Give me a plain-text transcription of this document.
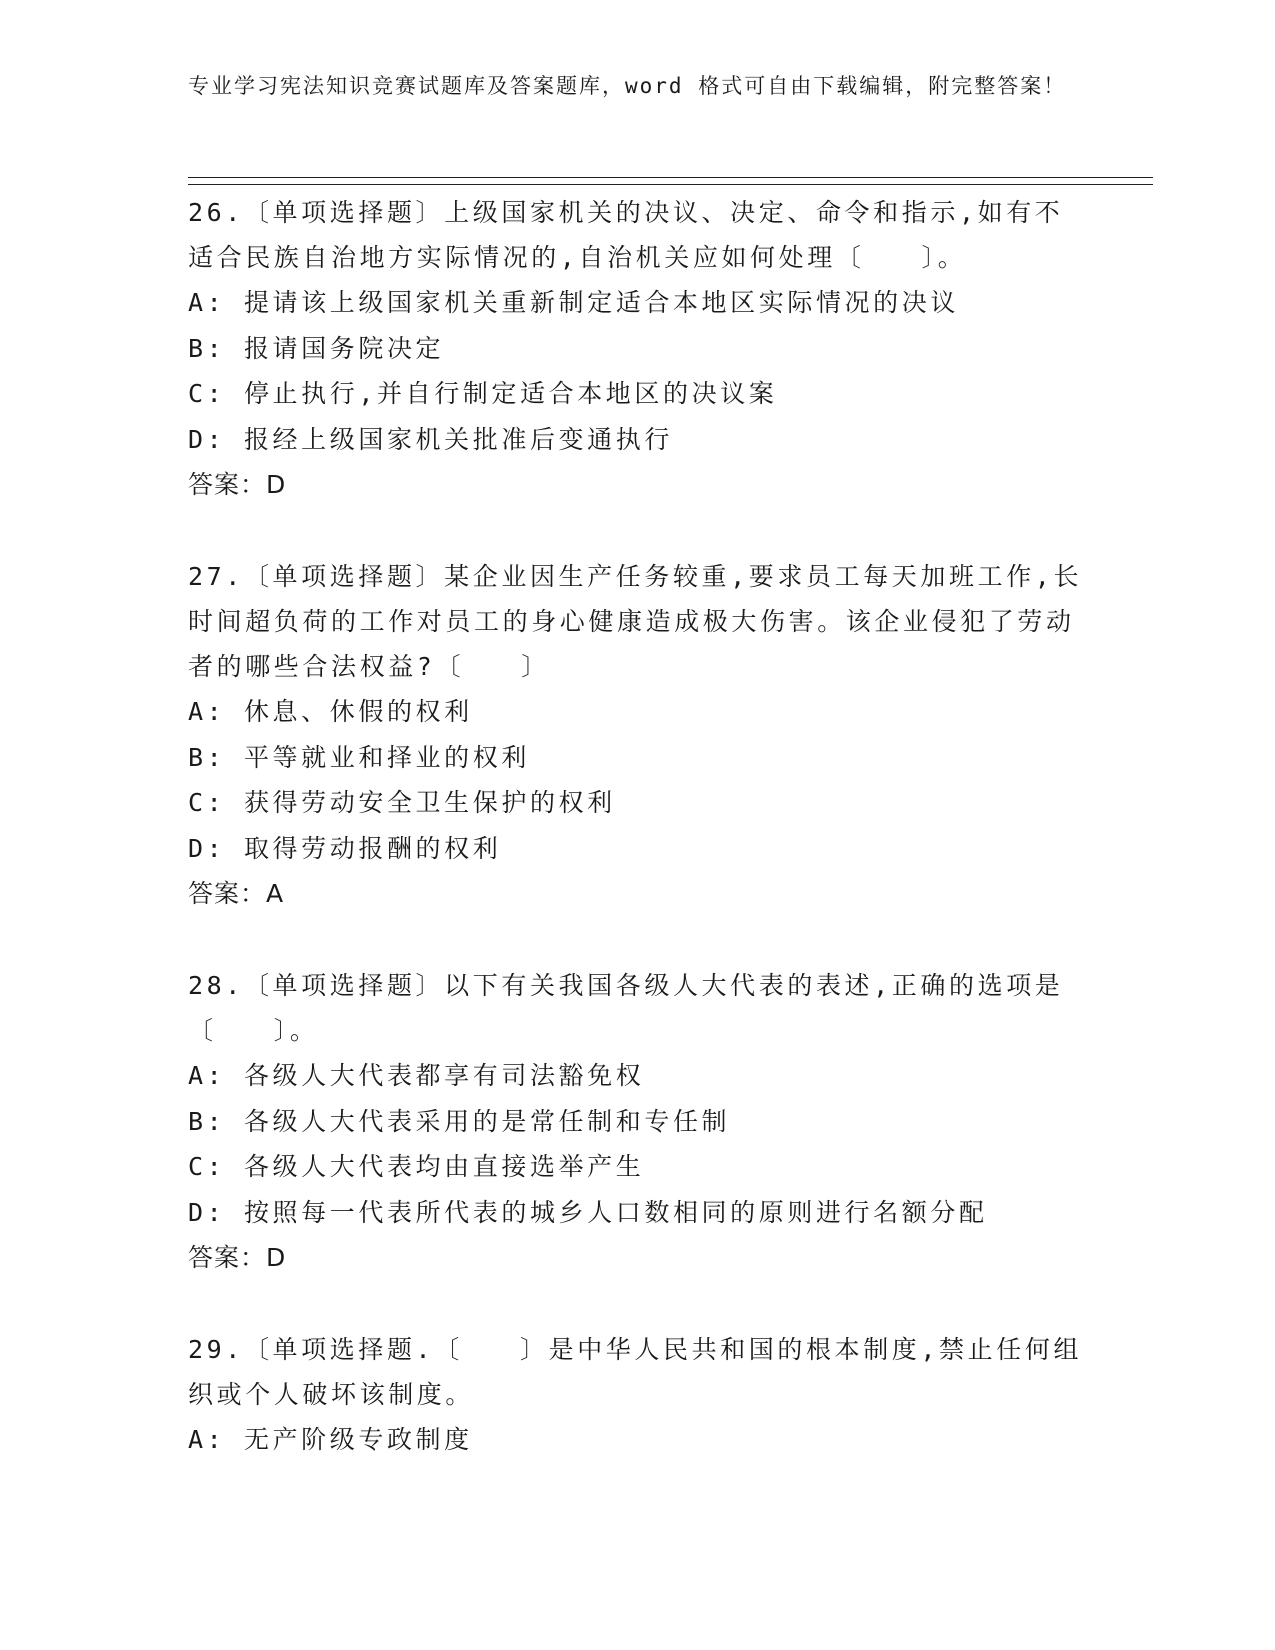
专业学习宪法知识竞赛试题库及答案题库，word 格式可自由下载编辑，附完整答案！

26.〔单项选择题〕上级国家机关的决议、决定、命令和指示,如有不适合民族自治地方实际情况的,自治机关应如何处理〔　　〕。

A: 提请该上级国家机关重新制定适合本地区实际情况的决议

B: 报请国务院决定

C: 停止执行,并自行制定适合本地区的决议案

D: 报经上级国家机关批准后变通执行

答案：D

27.〔单项选择题〕某企业因生产任务较重,要求员工每天加班工作,长时间超负荷的工作对员工的身心健康造成极大伤害。该企业侵犯了劳动者的哪些合法权益?〔　　〕

A: 休息、休假的权利

B: 平等就业和择业的权利

C: 获得劳动安全卫生保护的权利

D: 取得劳动报酬的权利

答案：A

28.〔单项选择题〕以下有关我国各级人大代表的表述,正确的选项是〔　　〕。

A: 各级人大代表都享有司法豁免权

B: 各级人大代表采用的是常任制和专任制

C: 各级人大代表均由直接选举产生

D: 按照每一代表所代表的城乡人口数相同的原则进行名额分配

答案：D

29.〔单项选择题.〔　　〕是中华人民共和国的根本制度,禁止任何组织或个人破坏该制度。

A: 无产阶级专政制度
